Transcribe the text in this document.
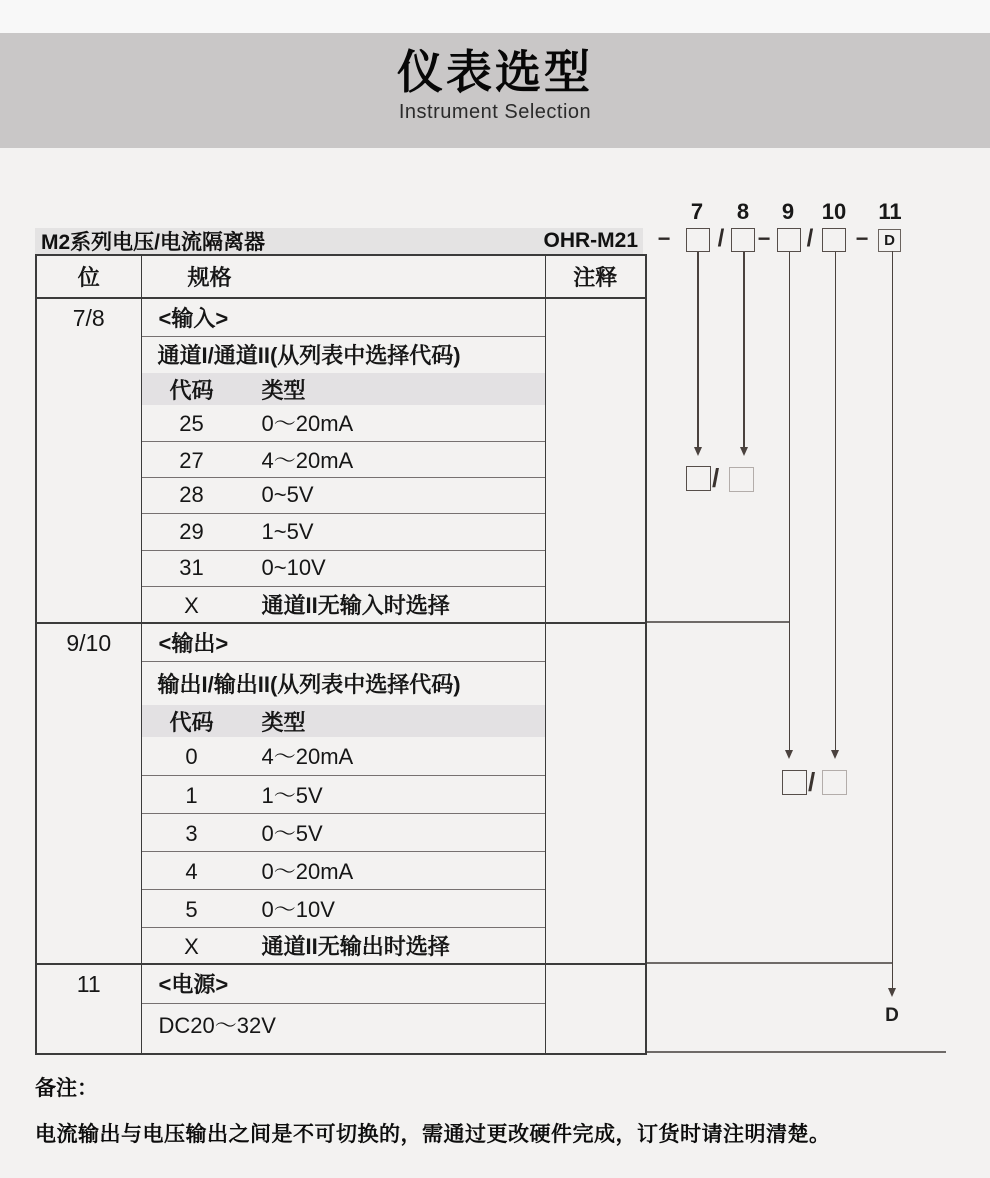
仪表选型
Instrument Selection
M2系列电压/电流隔离器	OHR-M21
7 8 9 10 11
− / − / −	D
/
/
D
位	规格	注释
7/8	<输入>	
	通道I/通道II(从列表中选择代码)	
	代码 类型	
	25 0～20mA	
	27 4～20mA	
	28 0~5V	
	29 1~5V	
	31 0~10V	
	X 通道II无输入时选择	
9/10	<输出>	
	输出I/输出II(从列表中选择代码)	
	代码 类型	
	0 4～20mA	
	1 1～5V	
	3 0～5V	
	4 0～20mA	
	5 0～10V	
	X 通道II无输出时选择	
11	<电源>	
	DC20～32V	
备注：
电流输出与电压输出之间是不可切换的，需通过更改硬件完成，订货时请注明清楚。
